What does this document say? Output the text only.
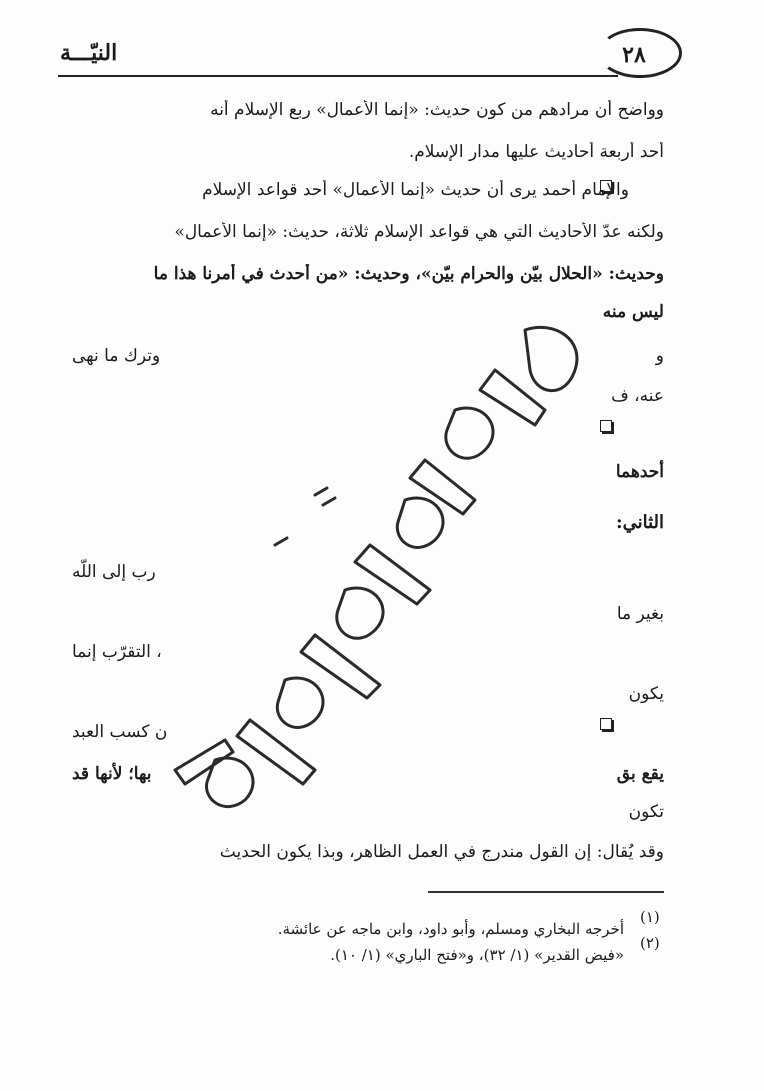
النيّـــة	٢٨
وواضح أن مرادهم من كون حديث: «إنما الأعمال» ربع الإسلام أنه
أحد أربعة أحاديث عليها مدار الإسلام.
والإمام أحمد يرى أن حديث «إنما الأعمال» أحد قواعد الإسلام
ولكنه عدّ الأحاديث التي هي قواعد الإسلام ثلاثة، حديث: «إنما الأعمال»
وحديث: «الحلال بيّن والحرام بيّن»، وحديث: «من أحدث في أمرنا هذا ما
ليس منه
و
وترك ما نهى
عنه، ف
أحدهما
الثاني:
رب إلى اللّه
بغير ما
، التقرّب إنما
يكون
ن كسب العبد
يقع بق
بها؛ لأنها قد
تكون
وقد يُقال: إن القول مندرج في العمل الظاهر، وبذا يكون الحديث
(١)
أخرجه البخاري ومسلم، وأبو داود، وابن ماجه عن عائشة.
(٢)
«فيض القدير» (١/ ٣٢)، و«فتح الباري» (١/ ١٠).
